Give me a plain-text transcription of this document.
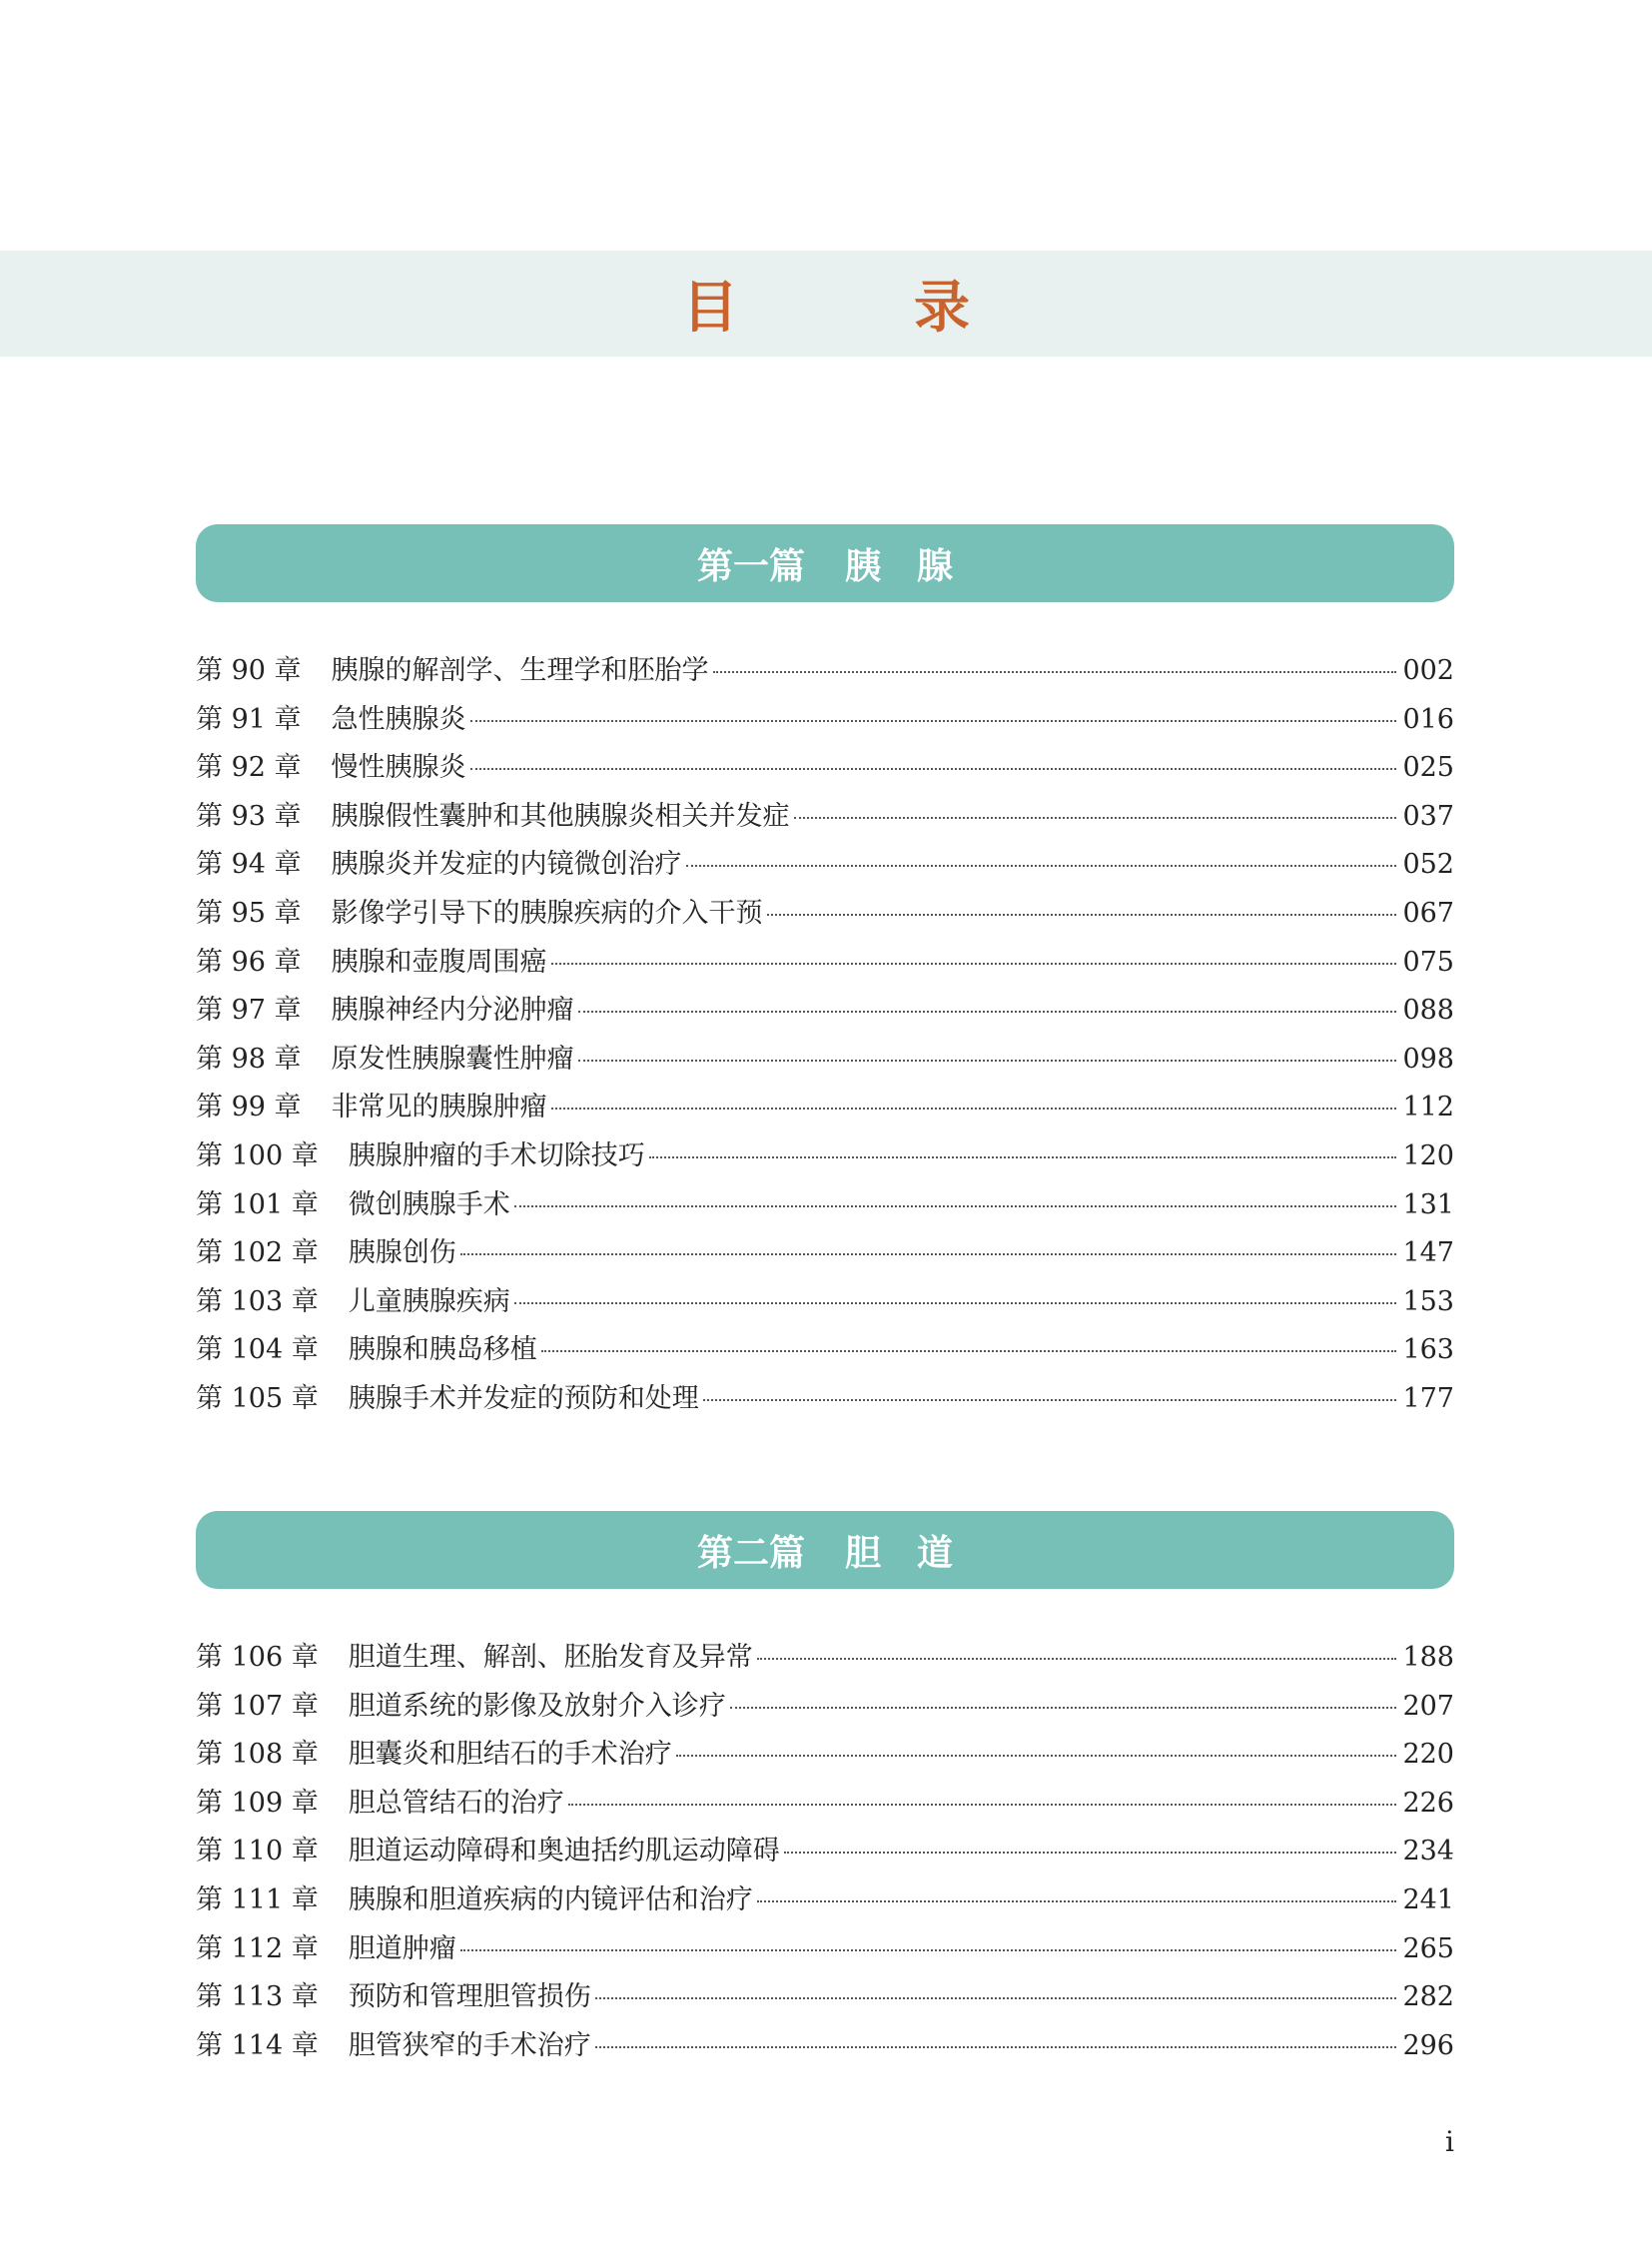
目　录
第一篇 胰　腺
第 90 章 胰腺的解剖学、生理学和胚胎学	002
第 91 章 急性胰腺炎	016
第 92 章 慢性胰腺炎	025
第 93 章 胰腺假性囊肿和其他胰腺炎相关并发症	037
第 94 章 胰腺炎并发症的内镜微创治疗	052
第 95 章 影像学引导下的胰腺疾病的介入干预	067
第 96 章 胰腺和壶腹周围癌	075
第 97 章 胰腺神经内分泌肿瘤	088
第 98 章 原发性胰腺囊性肿瘤	098
第 99 章 非常见的胰腺肿瘤	112
第 100 章 胰腺肿瘤的手术切除技巧	120
第 101 章 微创胰腺手术	131
第 102 章 胰腺创伤	147
第 103 章 儿童胰腺疾病	153
第 104 章 胰腺和胰岛移植	163
第 105 章 胰腺手术并发症的预防和处理	177
第二篇 胆　道
第 106 章 胆道生理、解剖、胚胎发育及异常	188
第 107 章 胆道系统的影像及放射介入诊疗	207
第 108 章 胆囊炎和胆结石的手术治疗	220
第 109 章 胆总管结石的治疗	226
第 110 章 胆道运动障碍和奥迪括约肌运动障碍	234
第 111 章 胰腺和胆道疾病的内镜评估和治疗	241
第 112 章 胆道肿瘤	265
第 113 章 预防和管理胆管损伤	282
第 114 章 胆管狭窄的手术治疗	296
i
